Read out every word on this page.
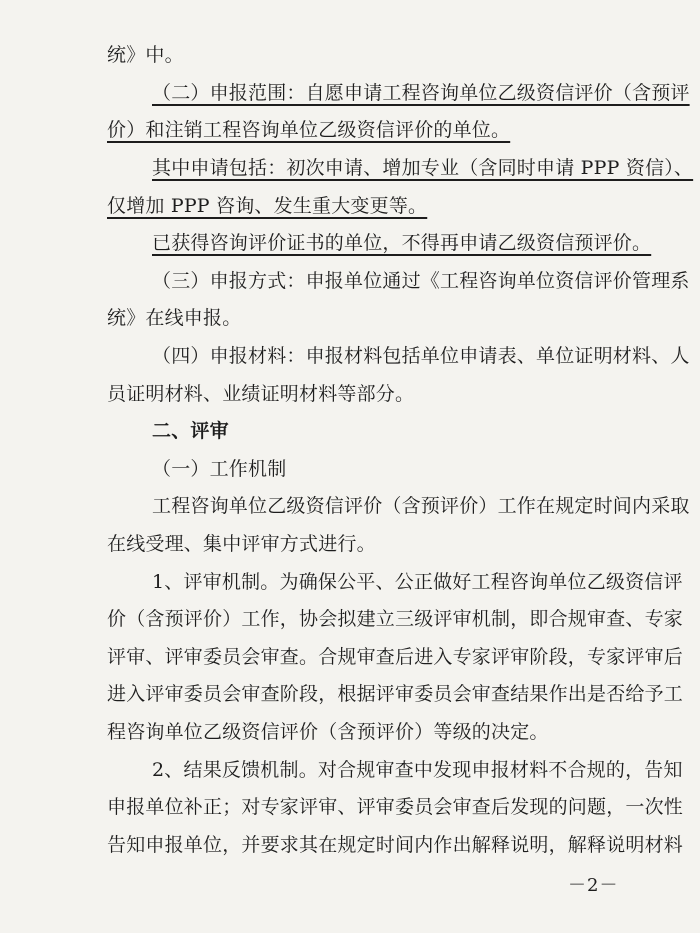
统》中。
（二）申报范围：自愿申请工程咨询单位乙级资信评价（含预评
价）和注销工程咨询单位乙级资信评价的单位。
其中申请包括：初次申请、增加专业（含同时申请 PPP 资信）、
仅增加 PPP 咨询、发生重大变更等。
已获得咨询评价证书的单位，不得再申请乙级资信预评价。
（三）申报方式：申报单位通过《工程咨询单位资信评价管理系
统》在线申报。
（四）申报材料：申报材料包括单位申请表、单位证明材料、人
员证明材料、业绩证明材料等部分。
二、评审
（一）工作机制
工程咨询单位乙级资信评价（含预评价）工作在规定时间内采取
在线受理、集中评审方式进行。
1、评审机制。为确保公平、公正做好工程咨询单位乙级资信评
价（含预评价）工作，协会拟建立三级评审机制，即合规审查、专家
评审、评审委员会审查。合规审查后进入专家评审阶段，专家评审后
进入评审委员会审查阶段，根据评审委员会审查结果作出是否给予工
程咨询单位乙级资信评价（含预评价）等级的决定。
2、结果反馈机制。对合规审查中发现申报材料不合规的，告知
申报单位补正；对专家评审、评审委员会审查后发现的问题，一次性
告知申报单位，并要求其在规定时间内作出解释说明，解释说明材料
－2－
